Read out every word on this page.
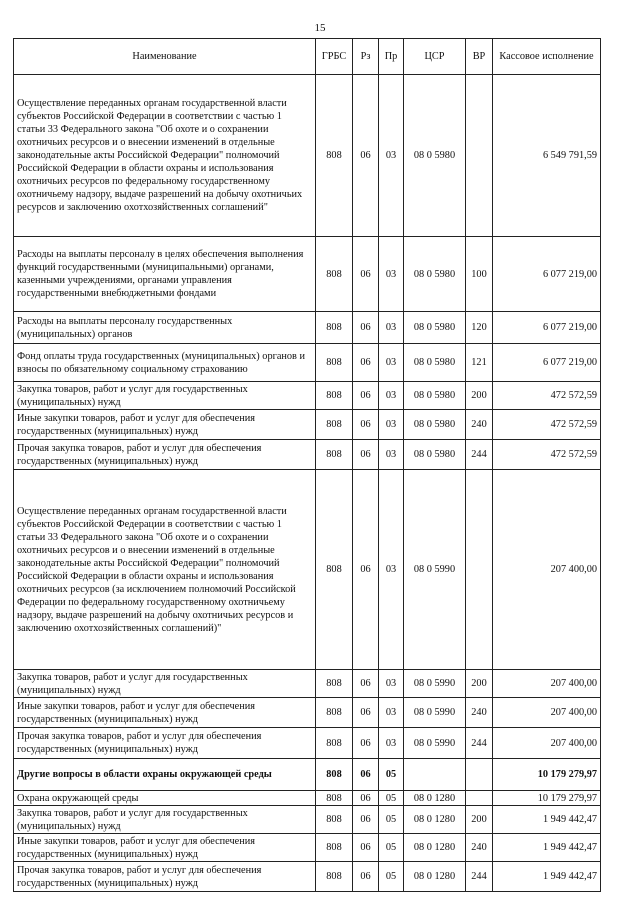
15
Наименование	ГРБС	Рз	Пр	ЦСР	ВР	Кассовое исполнение
Осуществление переданных органам государственной власти субъектов Российской Федерации в соответствии с частью 1 статьи 33 Федерального закона "Об охоте и о сохранении охотничьих ресурсов и о внесении изменений в отдельные законодательные акты Российской Федерации" полномочий Российской Федерации в области охраны и использования охотничьих ресурсов по федеральному государственному охотничьему надзору, выдаче разрешений на добычу охотничьих ресурсов и заключению охотхозяйственных соглашений"	808	06	03	08 0 5980		6 549 791,59
Расходы на выплаты персоналу в целях обеспечения выполнения функций государственными (муниципальными) органами, казенными учреждениями, органами управления государственными внебюджетными фондами	808	06	03	08 0 5980	100	6 077 219,00
Расходы на выплаты персоналу государственных (муниципальных) органов	808	06	03	08 0 5980	120	6 077 219,00
Фонд оплаты труда государственных (муниципальных) органов и взносы по обязательному социальному страхованию	808	06	03	08 0 5980	121	6 077 219,00
Закупка товаров, работ и услуг для государственных (муниципальных) нужд	808	06	03	08 0 5980	200	472 572,59
Иные закупки товаров, работ и услуг для обеспечения государственных (муниципальных) нужд	808	06	03	08 0 5980	240	472 572,59
Прочая закупка товаров, работ и услуг для обеспечения государственных (муниципальных) нужд	808	06	03	08 0 5980	244	472 572,59
Осуществление переданных органам государственной власти субъектов Российской Федерации в соответствии с частью 1 статьи 33 Федерального закона "Об охоте и о сохранении охотничьих ресурсов и о внесении изменений в отдельные законодательные акты Российской Федерации" полномочий Российской Федерации в области охраны и использования охотничьих ресурсов (за исключением полномочий Российской Федерации по федеральному государственному охотничьему надзору, выдаче разрешений на добычу охотничьих ресурсов и заключению охотхозяйственных соглашений)"	808	06	03	08 0 5990		207 400,00
Закупка товаров, работ и услуг для государственных (муниципальных) нужд	808	06	03	08 0 5990	200	207 400,00
Иные закупки товаров, работ и услуг для обеспечения государственных (муниципальных) нужд	808	06	03	08 0 5990	240	207 400,00
Прочая закупка товаров, работ и услуг для обеспечения государственных (муниципальных) нужд	808	06	03	08 0 5990	244	207 400,00
Другие вопросы в области охраны окружающей среды	808	06	05			10 179 279,97
Охрана окружающей среды	808	06	05	08 0 1280		10 179 279,97
Закупка товаров, работ и услуг для государственных (муниципальных) нужд	808	06	05	08 0 1280	200	1 949 442,47
Иные закупки товаров, работ и услуг для обеспечения государственных (муниципальных) нужд	808	06	05	08 0 1280	240	1 949 442,47
Прочая закупка товаров, работ и услуг для обеспечения государственных (муниципальных) нужд	808	06	05	08 0 1280	244	1 949 442,47
